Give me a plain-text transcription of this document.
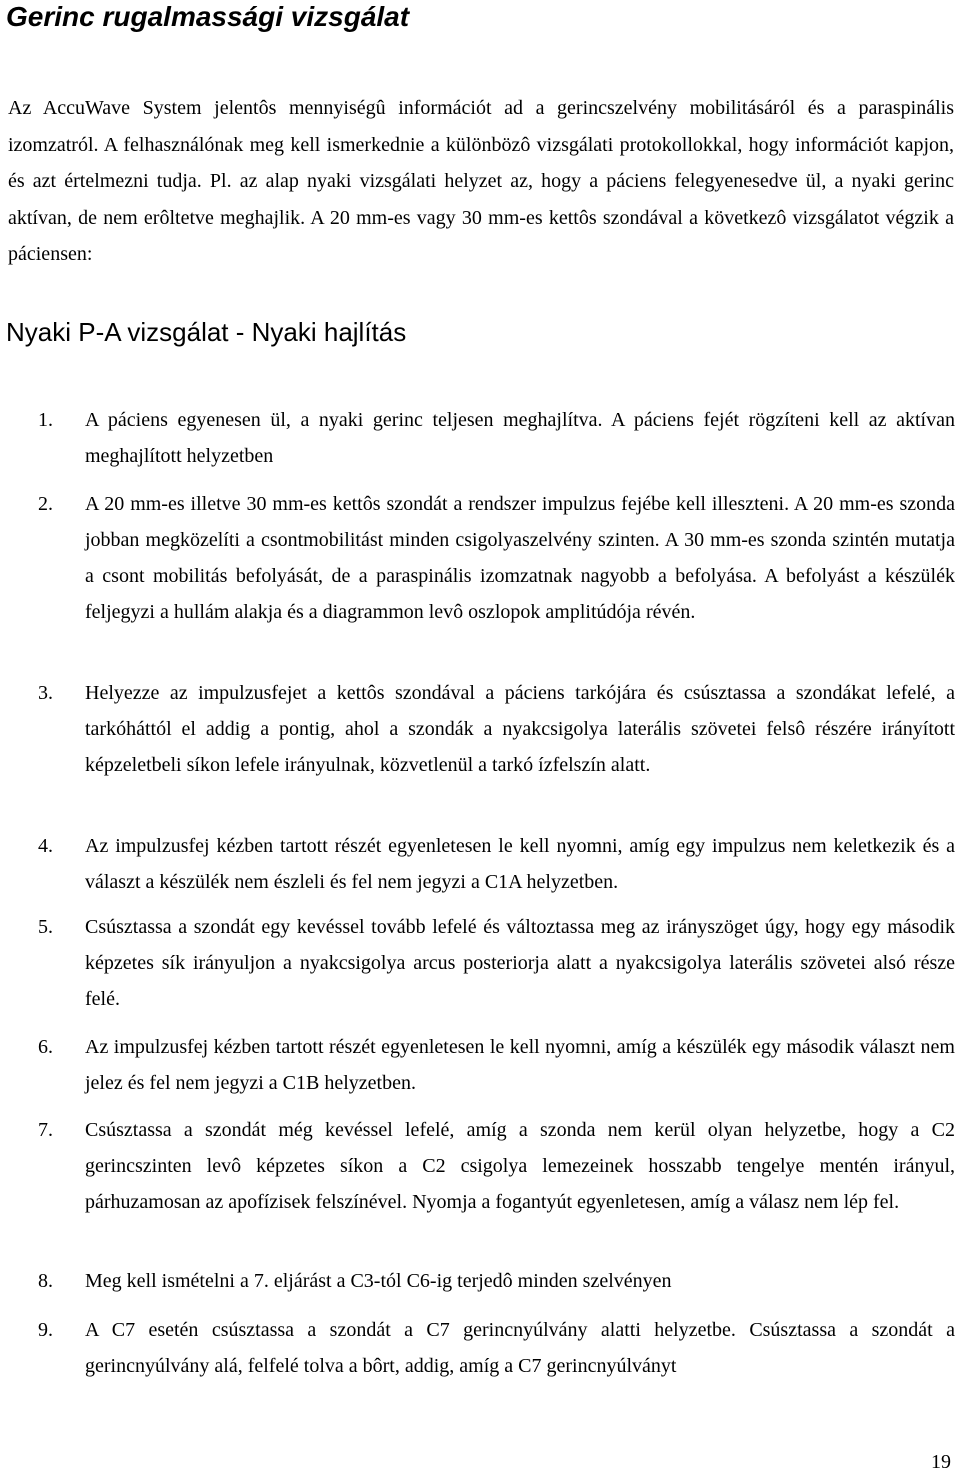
Gerinc rugalmassági vizsgálat

Az AccuWave System jelentôs mennyiségû információt ad a gerincszelvény mobilitásáról és a paraspinális izomzatról. A felhasználónak meg kell ismerkednie a különbözô vizsgálati protokollokkal, hogy információt kapjon, és azt értelmezni tudja. Pl. az alap nyaki vizsgálati helyzet az, hogy a páciens felegyenesedve ül, a nyaki gerinc aktívan, de nem erôltetve meghajlik. A 20 mm-es vagy 30 mm-es kettôs szondával a következô vizsgálatot végzik a páciensen:

Nyaki P-A vizsgálat - Nyaki hajlítás
1.	A páciens egyenesen ül, a nyaki gerinc teljesen meghajlítva. A páciens fejét rögzíteni kell az aktívan meghajlított helyzetben

2.	A 20 mm-es illetve 30 mm-es kettôs szondát a rendszer impulzus fejébe kell illeszteni. A 20 mm-es szonda jobban megközelíti a csontmobilitást minden csigolyaszelvény szinten. A 30 mm-es szonda szintén mutatja a csont mobilitás befolyását, de a paraspinális izomzatnak nagyobb a befolyása. A befolyást a készülék feljegyzi a hullám alakja és a diagrammon levô oszlopok amplitúdója révén.

3.	Helyezze az impulzusfejet a kettôs szondával a páciens tarkójára és csúsztassa a szondákat lefelé, a tarkóháttól el addig a pontig, ahol a szondák a nyakcsigolya laterális szövetei felsô részére irányított képzeletbeli síkon lefele irányulnak, közvetlenül a tarkó ízfelszín alatt.

4.	Az impulzusfej kézben tartott részét egyenletesen le kell nyomni, amíg egy impulzus nem keletkezik és a választ a készülék nem észleli és fel nem jegyzi a C1A helyzetben.

5.	Csúsztassa a szondát egy kevéssel tovább lefelé és változtassa meg az irányszöget úgy, hogy egy második képzetes sík irányuljon a nyakcsigolya arcus posteriorja alatt a nyakcsigolya laterális szövetei alsó része felé.

6.	Az impulzusfej kézben tartott részét egyenletesen le kell nyomni, amíg a készülék egy második választ nem jelez és fel nem jegyzi a C1B helyzetben.

7.	Csúsztassa a szondát még kevéssel lefelé, amíg a szonda nem kerül olyan helyzetbe, hogy a C2 gerincszinten levô képzetes síkon a C2 csigolya lemezeinek hosszabb tengelye mentén irányul, párhuzamosan az apofízisek felszínével. Nyomja a fogantyút egyenletesen, amíg a válasz nem lép fel.

8.	Meg kell ismételni a 7. eljárást a C3-tól C6-ig terjedô minden szelvényen

9.	A C7 esetén csúsztassa a szondát a C7 gerincnyúlvány alatti helyzetbe. Csúsztassa a szondát a gerincnyúlvány alá, felfelé tolva a bôrt, addig, amíg a C7 gerincnyúlványt

19
